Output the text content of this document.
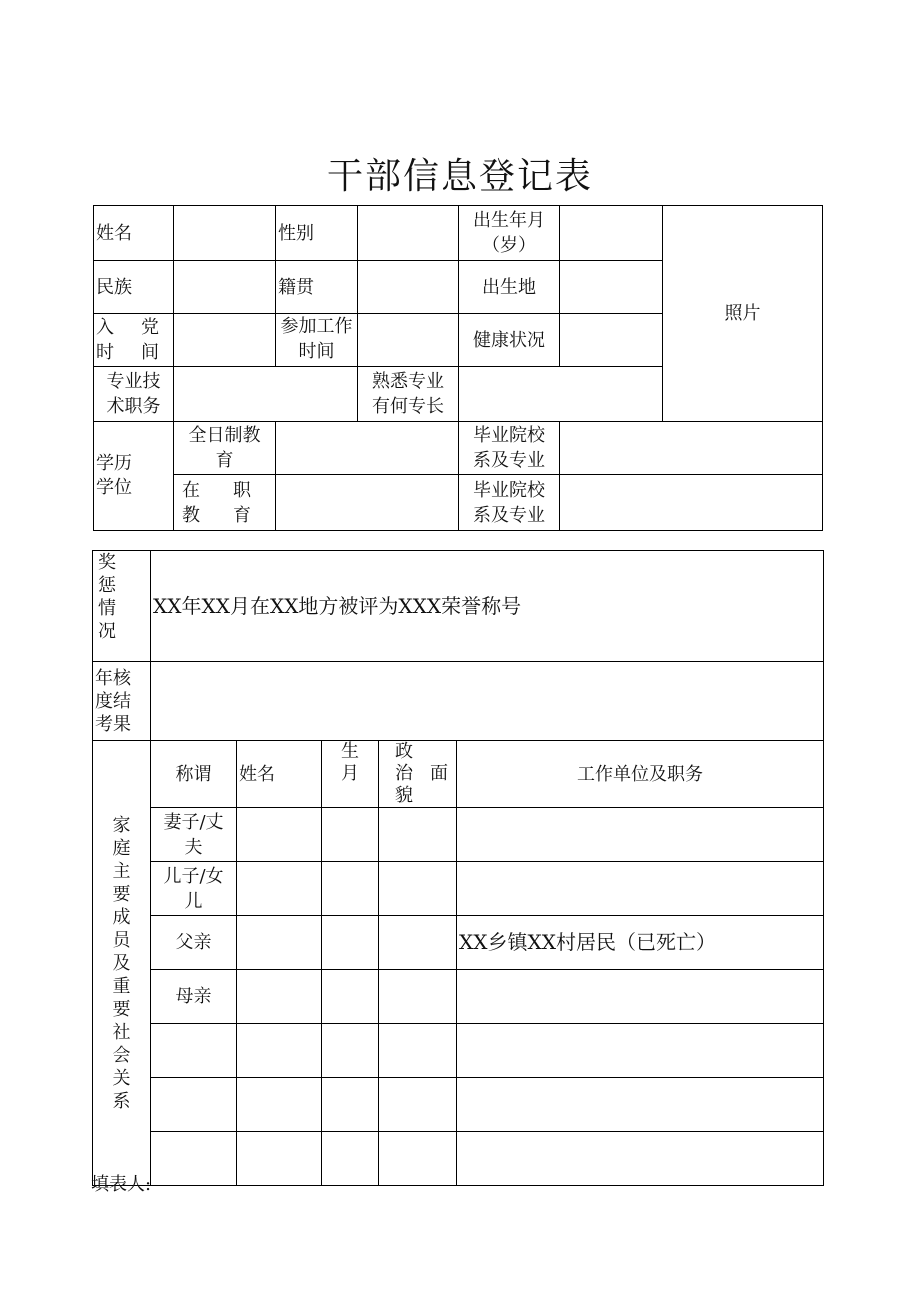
干部信息登记表
姓名		性别		出生年月（岁）		照片
民族		籍贯		出生地		
入　党时　间		参加工作时间		健康状况		
专业技术职务			熟悉专业有何专长			

学历学位	全日制教育			毕业院校系及专业		
	在　职教　育			毕业院校系及专业		
奖惩情况	XX年XX月在XX地方被评为XXX荣誉称号				

年核度结考果					

家庭主要成员及重要社会关系	称谓	姓名	生月	政　治面　貌	工作单位及职务
	妻子/丈夫				
	儿子/女儿				
	父亲				XX乡镇XX村居民（已死亡）
	母亲				

填表人:
